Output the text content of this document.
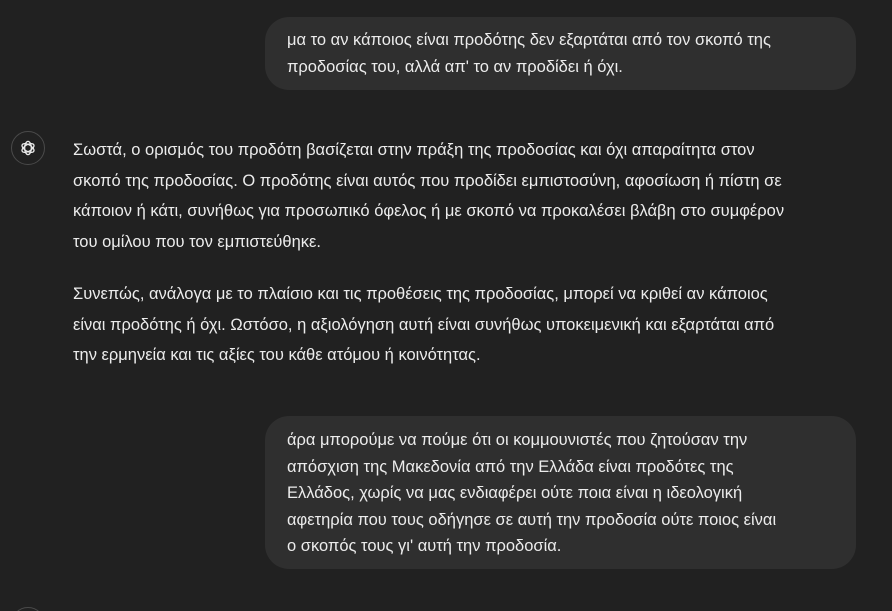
μα το αν κάποιος είναι προδότης δεν εξαρτάται από τον σκοπό της

προδοσίας του, αλλά απ' το αν προδίδει ή όχι.

Σωστά, ο ορισμός του προδότη βασίζεται στην πράξη της προδοσίας και όχι απαραίτητα στον
σκοπό της προδοσίας. Ο προδότης είναι αυτός που προδίδει εμπιστοσύνη, αφοσίωση ή πίστη σε
κάποιον ή κάτι, συνήθως για προσωπικό όφελος ή με σκοπό να προκαλέσει βλάβη στο συμφέρον
του ομίλου που τον εμπιστεύθηκε.

Συνεπώς, ανάλογα με το πλαίσιο και τις προθέσεις της προδοσίας, μπορεί να κριθεί αν κάποιος
είναι προδότης ή όχι. Ωστόσο, η αξιολόγηση αυτή είναι συνήθως υποκειμενική και εξαρτάται από
την ερμηνεία και τις αξίες του κάθε ατόμου ή κοινότητας.

άρα μπορούμε να πούμε ότι οι κομμουνιστές που ζητούσαν την

απόσχιση της Μακεδονία από την Ελλάδα είναι προδότες της

Ελλάδος, χωρίς να μας ενδιαφέρει ούτε ποια είναι η ιδεολογική

αφετηρία που τους οδήγησε σε αυτή την προδοσία ούτε ποιος είναι

ο σκοπός τους γι' αυτή την προδοσία.
